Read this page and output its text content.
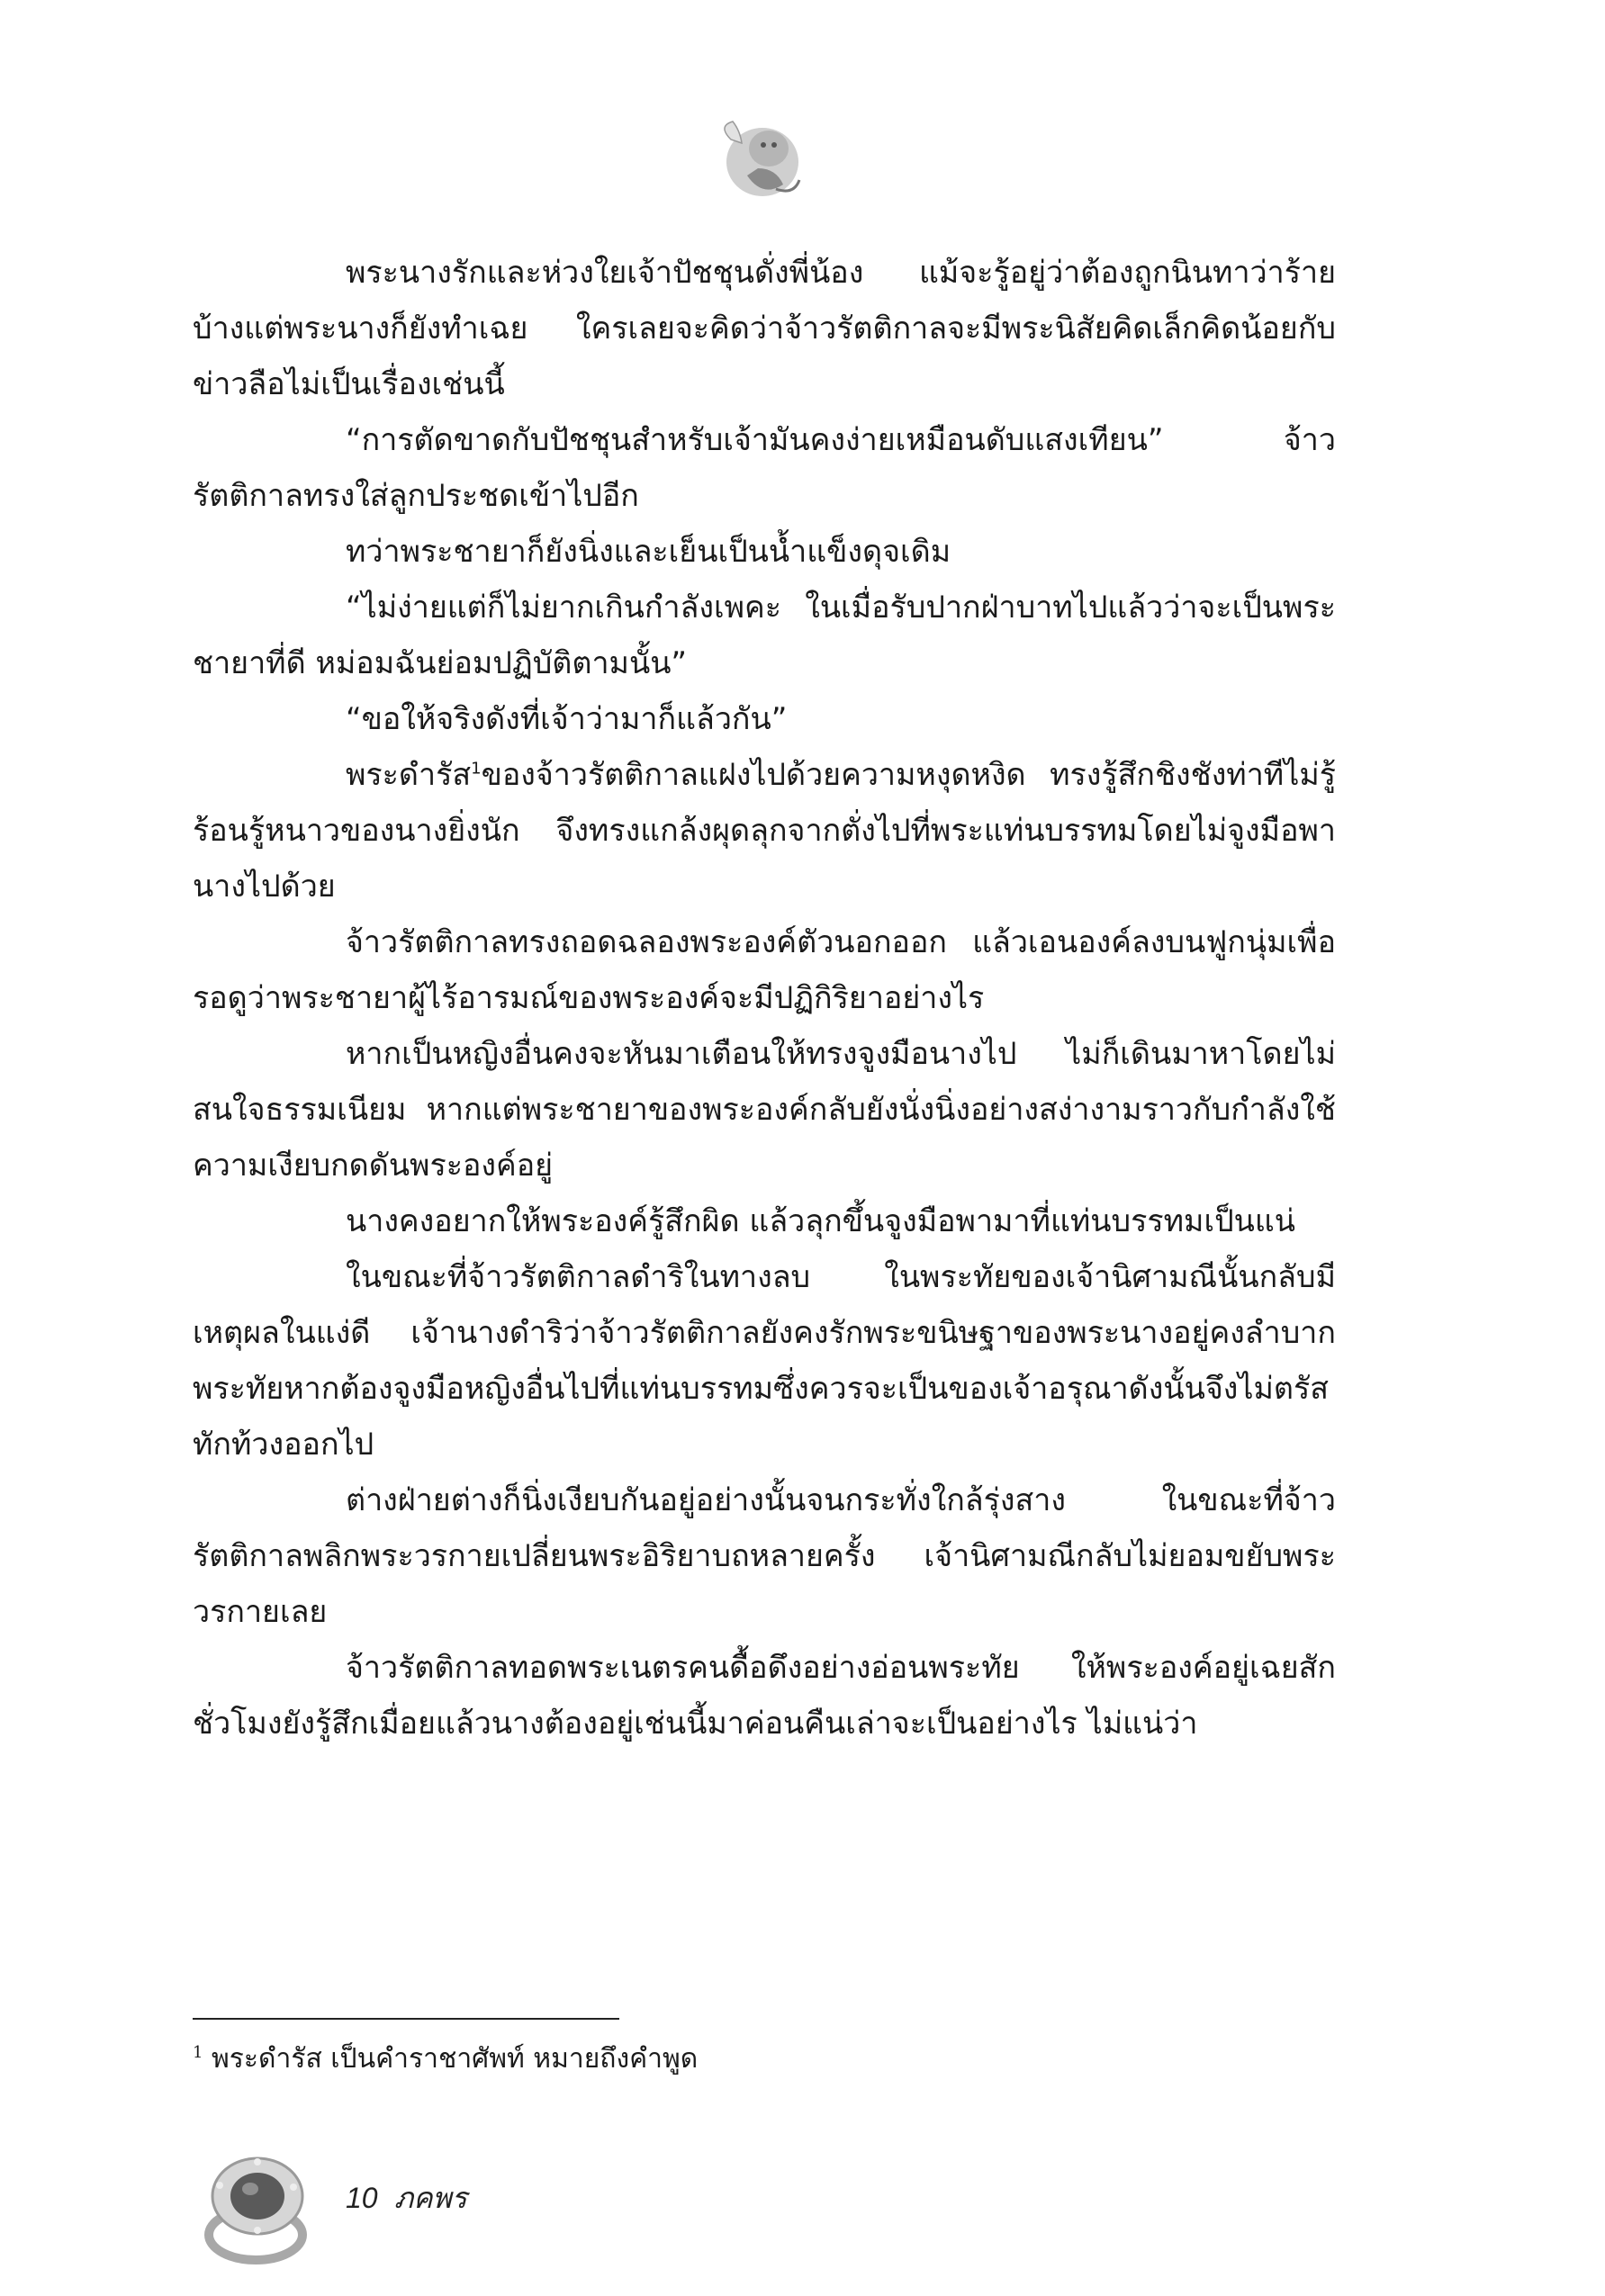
พระนางรักและห่วงใยเจ้าปัชชุนดั่งพี่น้อง แม้จะรู้อยู่ว่าต้องถูกนินทาว่าร้ายบ้างแต่พระนางก็ยังทำเฉย ใครเลยจะคิดว่าจ้าวรัตติกาลจะมีพระนิสัยคิดเล็กคิดน้อยกับข่าวลือไม่เป็นเรื่องเช่นนี้

“การตัดขาดกับปัชชุนสำหรับเจ้ามันคงง่ายเหมือนดับแสงเทียน” จ้าวรัตติกาลทรงใส่ลูกประชดเข้าไปอีก

ทว่าพระชายาก็ยังนิ่งและเย็นเป็นน้ำแข็งดุจเดิม

“ไม่ง่ายแต่ก็ไม่ยากเกินกำลังเพคะ ในเมื่อรับปากฝ่าบาทไปแล้วว่าจะเป็นพระชายาที่ดี หม่อมฉันย่อมปฏิบัติตามนั้น”

“ขอให้จริงดังที่เจ้าว่ามาก็แล้วกัน”

พระดำรัส$^1$ของจ้าวรัตติกาลแฝงไปด้วยความหงุดหงิด ทรงรู้สึกชิงชังท่าทีไม่รู้ร้อนรู้หนาวของนางยิ่งนัก จึงทรงแกล้งผุดลุกจากตั่งไปที่พระแท่นบรรทมโดยไม่จูงมือพานางไปด้วย

จ้าวรัตติกาลทรงถอดฉลองพระองค์ตัวนอกออก แล้วเอนองค์ลงบนฟูกนุ่มเพื่อรอดูว่าพระชายาผู้ไร้อารมณ์ของพระองค์จะมีปฏิกิริยาอย่างไร

หากเป็นหญิงอื่นคงจะหันมาเตือนให้ทรงจูงมือนางไป ไม่ก็เดินมาหาโดยไม่สนใจธรรมเนียม หากแต่พระชายาของพระองค์กลับยังนั่งนิ่งอย่างสง่างามราวกับกำลังใช้ความเงียบกดดันพระองค์อยู่

นางคงอยากให้พระองค์รู้สึกผิด แล้วลุกขึ้นจูงมือพามาที่แท่นบรรทมเป็นแน่

ในขณะที่จ้าวรัตติกาลดำริในทางลบ ในพระทัยของเจ้านิศามณีนั้นกลับมีเหตุผลในแง่ดี เจ้านางดำริว่าจ้าวรัตติกาลยังคงรักพระขนิษฐาของพระนางอยู่คงลำบากพระทัยหากต้องจูงมือหญิงอื่นไปที่แท่นบรรทมซึ่งควรจะเป็นของเจ้าอรุณาดังนั้นจึงไม่ตรัสทักท้วงออกไป

ต่างฝ่ายต่างก็นิ่งเงียบกันอยู่อย่างนั้นจนกระทั่งใกล้รุ่งสาง ในขณะที่จ้าวรัตติกาลพลิกพระวรกายเปลี่ยนพระอิริยาบถหลายครั้ง เจ้านิศามณีกลับไม่ยอมขยับพระวรกายเลย

จ้าวรัตติกาลทอดพระเนตรคนดื้อดึงอย่างอ่อนพระทัย ให้พระองค์อยู่เฉยสักชั่วโมงยังรู้สึกเมื่อยแล้วนางต้องอยู่เช่นนี้มาค่อนคืนเล่าจะเป็นอย่างไร ไม่แน่ว่า

$^1$ พระดำรัส เป็นคำราชาศัพท์ หมายถึงคำพูด
10 ภคพร
